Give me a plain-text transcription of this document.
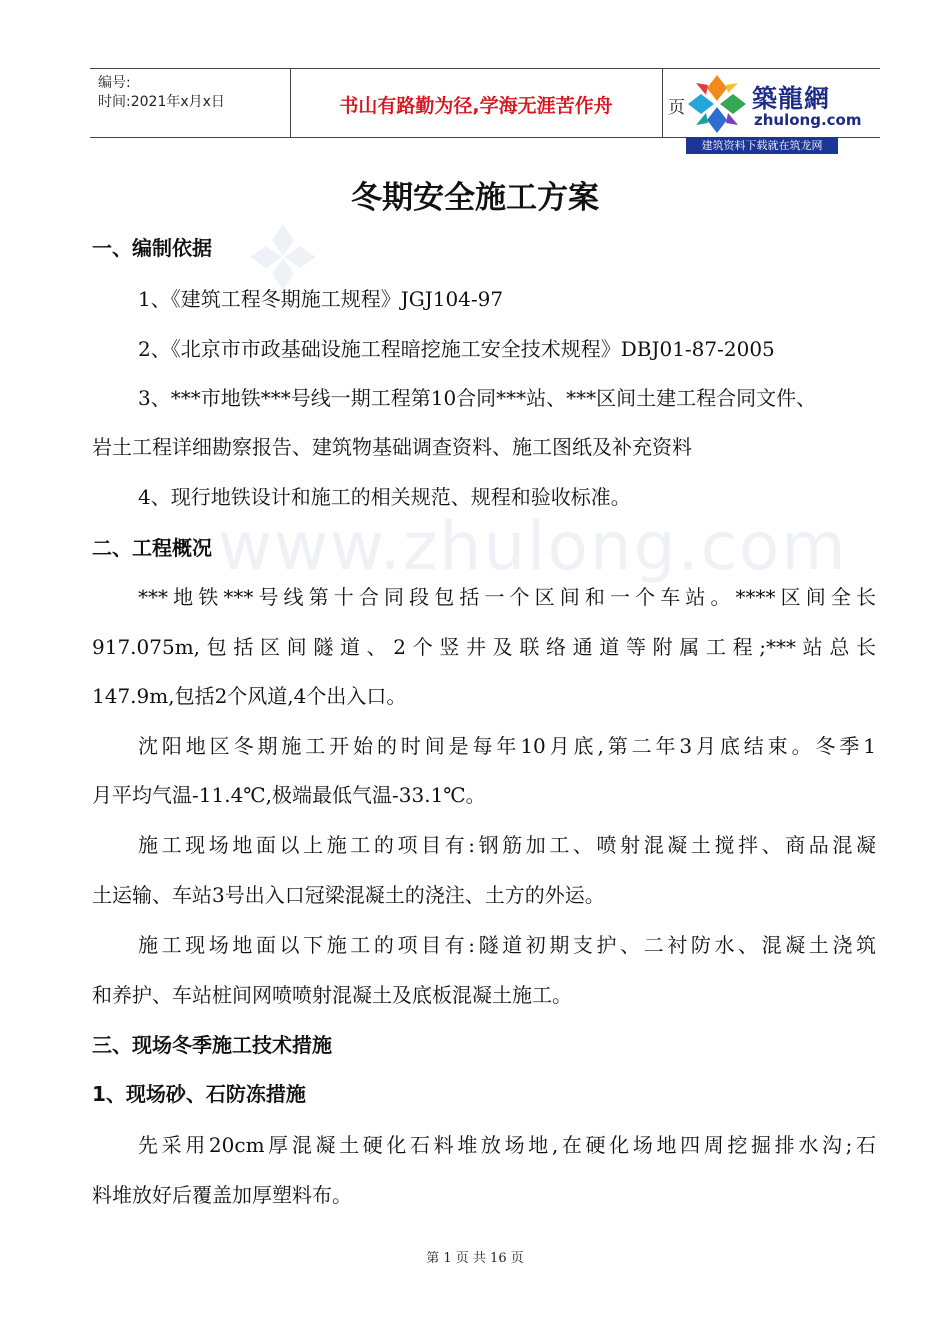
www.zhulong.com
编号:
时间:2021年x月x日	书山有路勤为径,学海无涯苦作舟	页	築龍網
zhulong.com
建筑资料下载就在筑龙网
冬期安全施工方案
一、编制依据
1、《建筑工程冬期施工规程》JGJ104-97
2、《北京市市政基础设施工程暗挖施工安全技术规程》DBJ01-87-2005
3、***市地铁***号线一期工程第10合同***站、***区间土建工程合同文件、
岩土工程详细勘察报告、建筑物基础调查资料、施工图纸及补充资料
4、现行地铁设计和施工的相关规范、规程和验收标准。
二、工程概况
***地铁***号线第十合同段包括一个区间和一个车站。****区间全长
917.075m,包括区间隧道、2个竖井及联络通道等附属工程;***站总长
147.9m,包括2个风道,4个出入口。
沈阳地区冬期施工开始的时间是每年10月底,第二年3月底结束。冬季1
月平均气温-11.4℃,极端最低气温-33.1℃。
施工现场地面以上施工的项目有:钢筋加工、喷射混凝土搅拌、商品混凝
土运输、车站3号出入口冠梁混凝土的浇注、土方的外运。
施工现场地面以下施工的项目有:隧道初期支护、二衬防水、混凝土浇筑
和养护、车站桩间网喷喷射混凝土及底板混凝土施工。
三、现场冬季施工技术措施
1、现场砂、石防冻措施
先采用20cm厚混凝土硬化石料堆放场地,在硬化场地四周挖掘排水沟;石
料堆放好后覆盖加厚塑料布。
第 1 页 共 16 页
